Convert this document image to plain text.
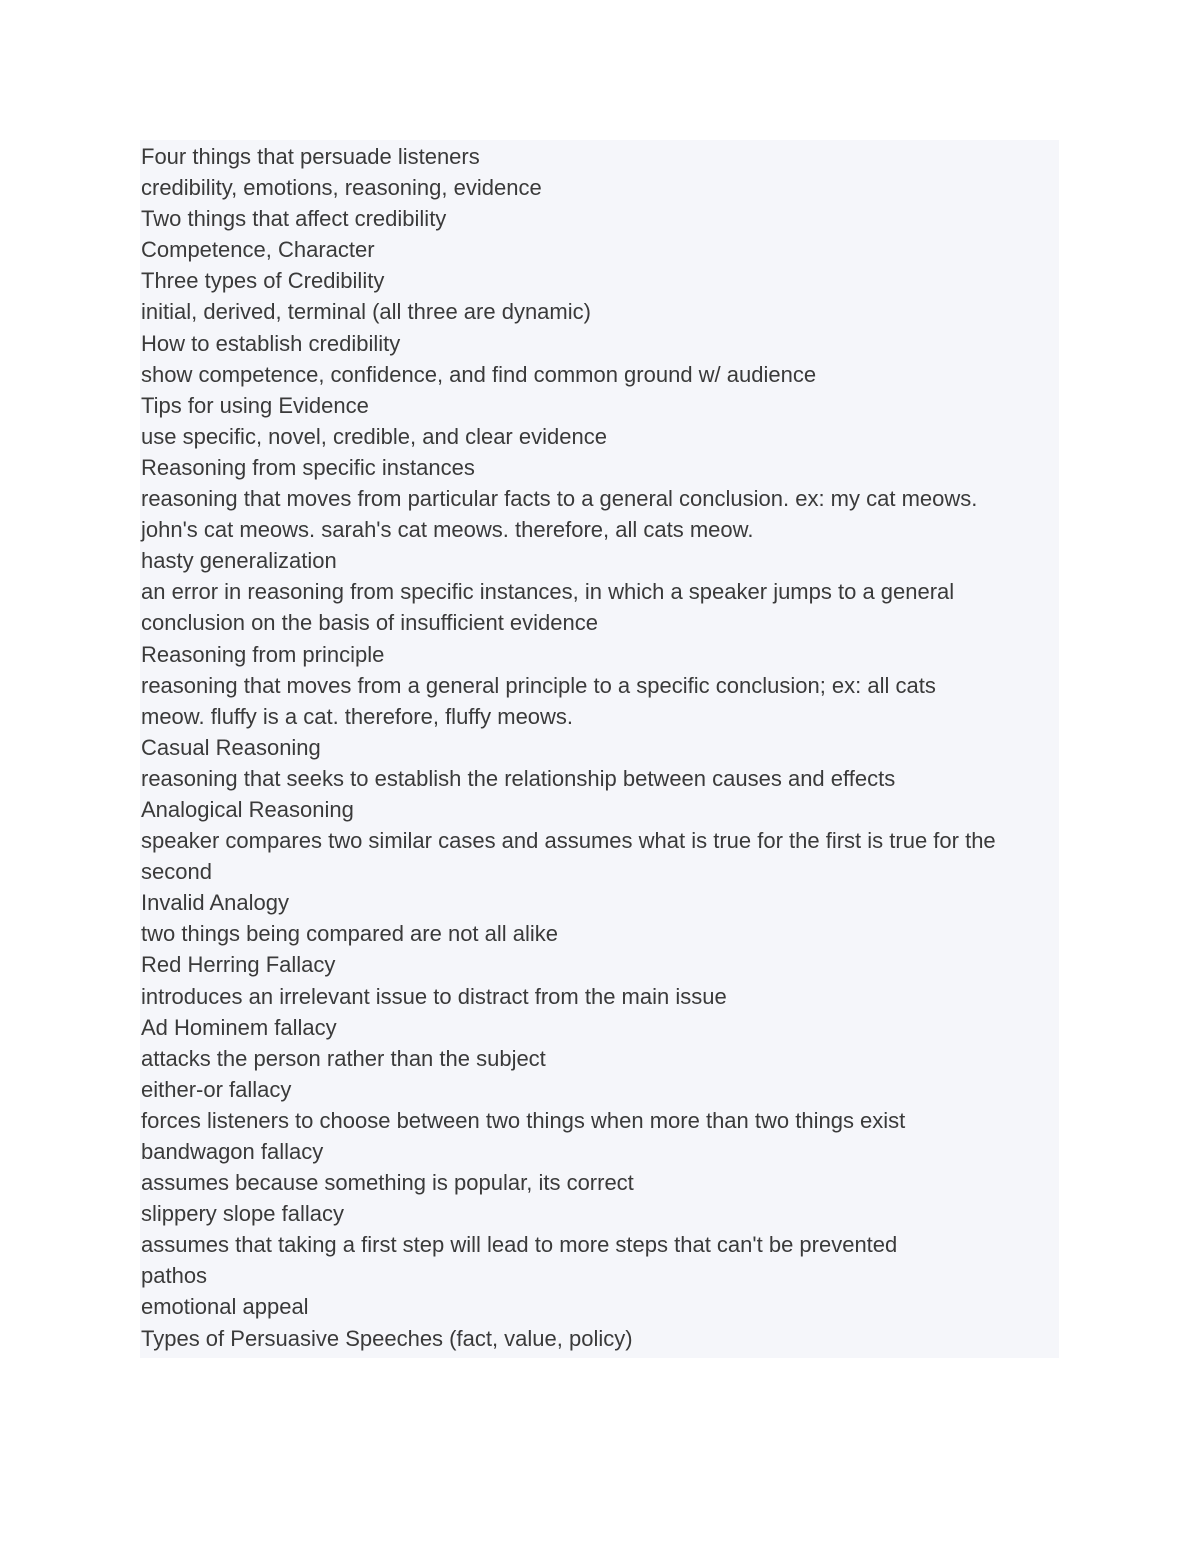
Four things that persuade listeners
credibility, emotions, reasoning, evidence
Two things that affect credibility
Competence, Character
Three types of Credibility
initial, derived, terminal (all three are dynamic)
How to establish credibility
show competence, confidence, and find common ground w/ audience
Tips for using Evidence
use specific, novel, credible, and clear evidence
Reasoning from specific instances
reasoning that moves from particular facts to a general conclusion. ex: my cat meows.
john's cat meows. sarah's cat meows. therefore, all cats meow.
hasty generalization
an error in reasoning from specific instances, in which a speaker jumps to a general
conclusion on the basis of insufficient evidence
Reasoning from principle
reasoning that moves from a general principle to a specific conclusion; ex: all cats
meow. fluffy is a cat. therefore, fluffy meows.
Casual Reasoning
reasoning that seeks to establish the relationship between causes and effects
Analogical Reasoning
speaker compares two similar cases and assumes what is true for the first is true for the
second
Invalid Analogy
two things being compared are not all alike
Red Herring Fallacy
introduces an irrelevant issue to distract from the main issue
Ad Hominem fallacy
attacks the person rather than the subject
either-or fallacy
forces listeners to choose between two things when more than two things exist
bandwagon fallacy
assumes because something is popular, its correct
slippery slope fallacy
assumes that taking a first step will lead to more steps that can't be prevented
pathos
emotional appeal
Types of Persuasive Speeches (fact, value, policy)
